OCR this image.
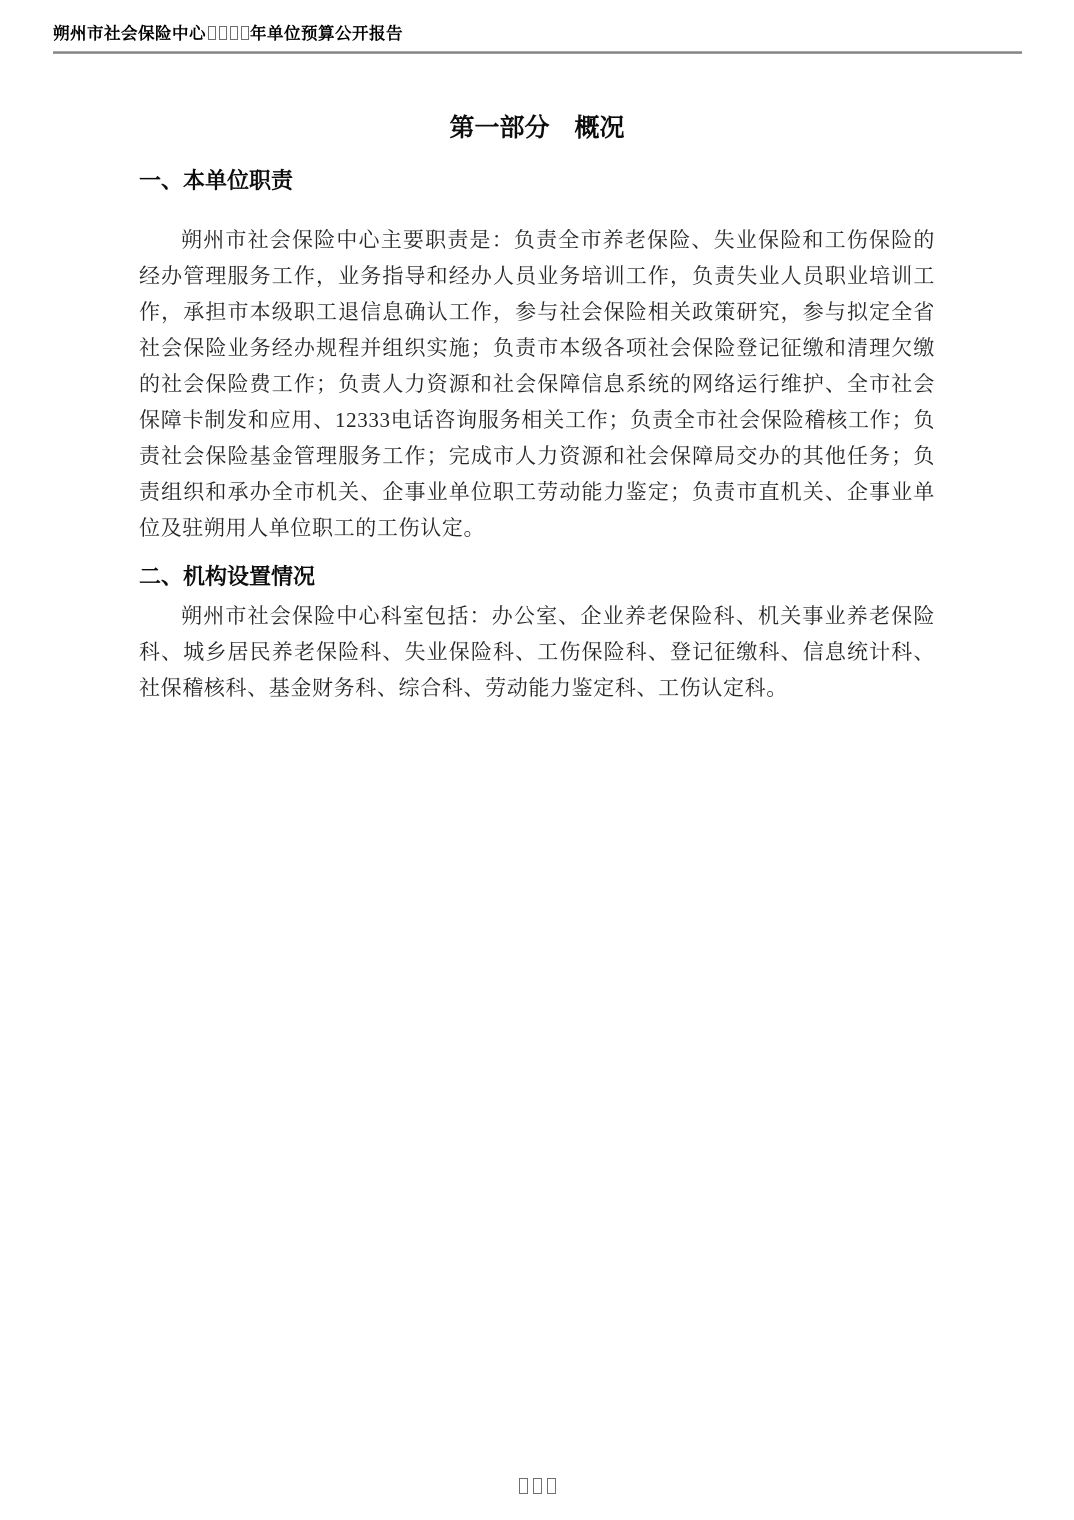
朔州市社会保险中心	年单位预算公开报告
第一部分　概况
一、本单位职责

朔州市社会保险中心主要职责是：负责全市养老保险、失业保险和工伤保险的经办管理服务工作，业务指导和经办人员业务培训工作，负责失业人员职业培训工作，承担市本级职工退信息确认工作，参与社会保险相关政策研究，参与拟定全省社会保险业务经办规程并组织实施；负责市本级各项社会保险登记征缴和清理欠缴的社会保险费工作；负责人力资源和社会保障信息系统的网络运行维护、全市社会保障卡制发和应用、12333电话咨询服务相关工作；负责全市社会保险稽核工作；负责社会保险基金管理服务工作；完成市人力资源和社会保障局交办的其他任务；负责组织和承办全市机关、企事业单位职工劳动能力鉴定；负责市直机关、企事业单位及驻朔用人单位职工的工伤认定。

二、机构设置情况

朔州市社会保险中心科室包括：办公室、企业养老保险科、机关事业养老保险科、城乡居民养老保险科、失业保险科、工伤保险科、登记征缴科、信息统计科、社保稽核科、基金财务科、综合科、劳动能力鉴定科、工伤认定科。
